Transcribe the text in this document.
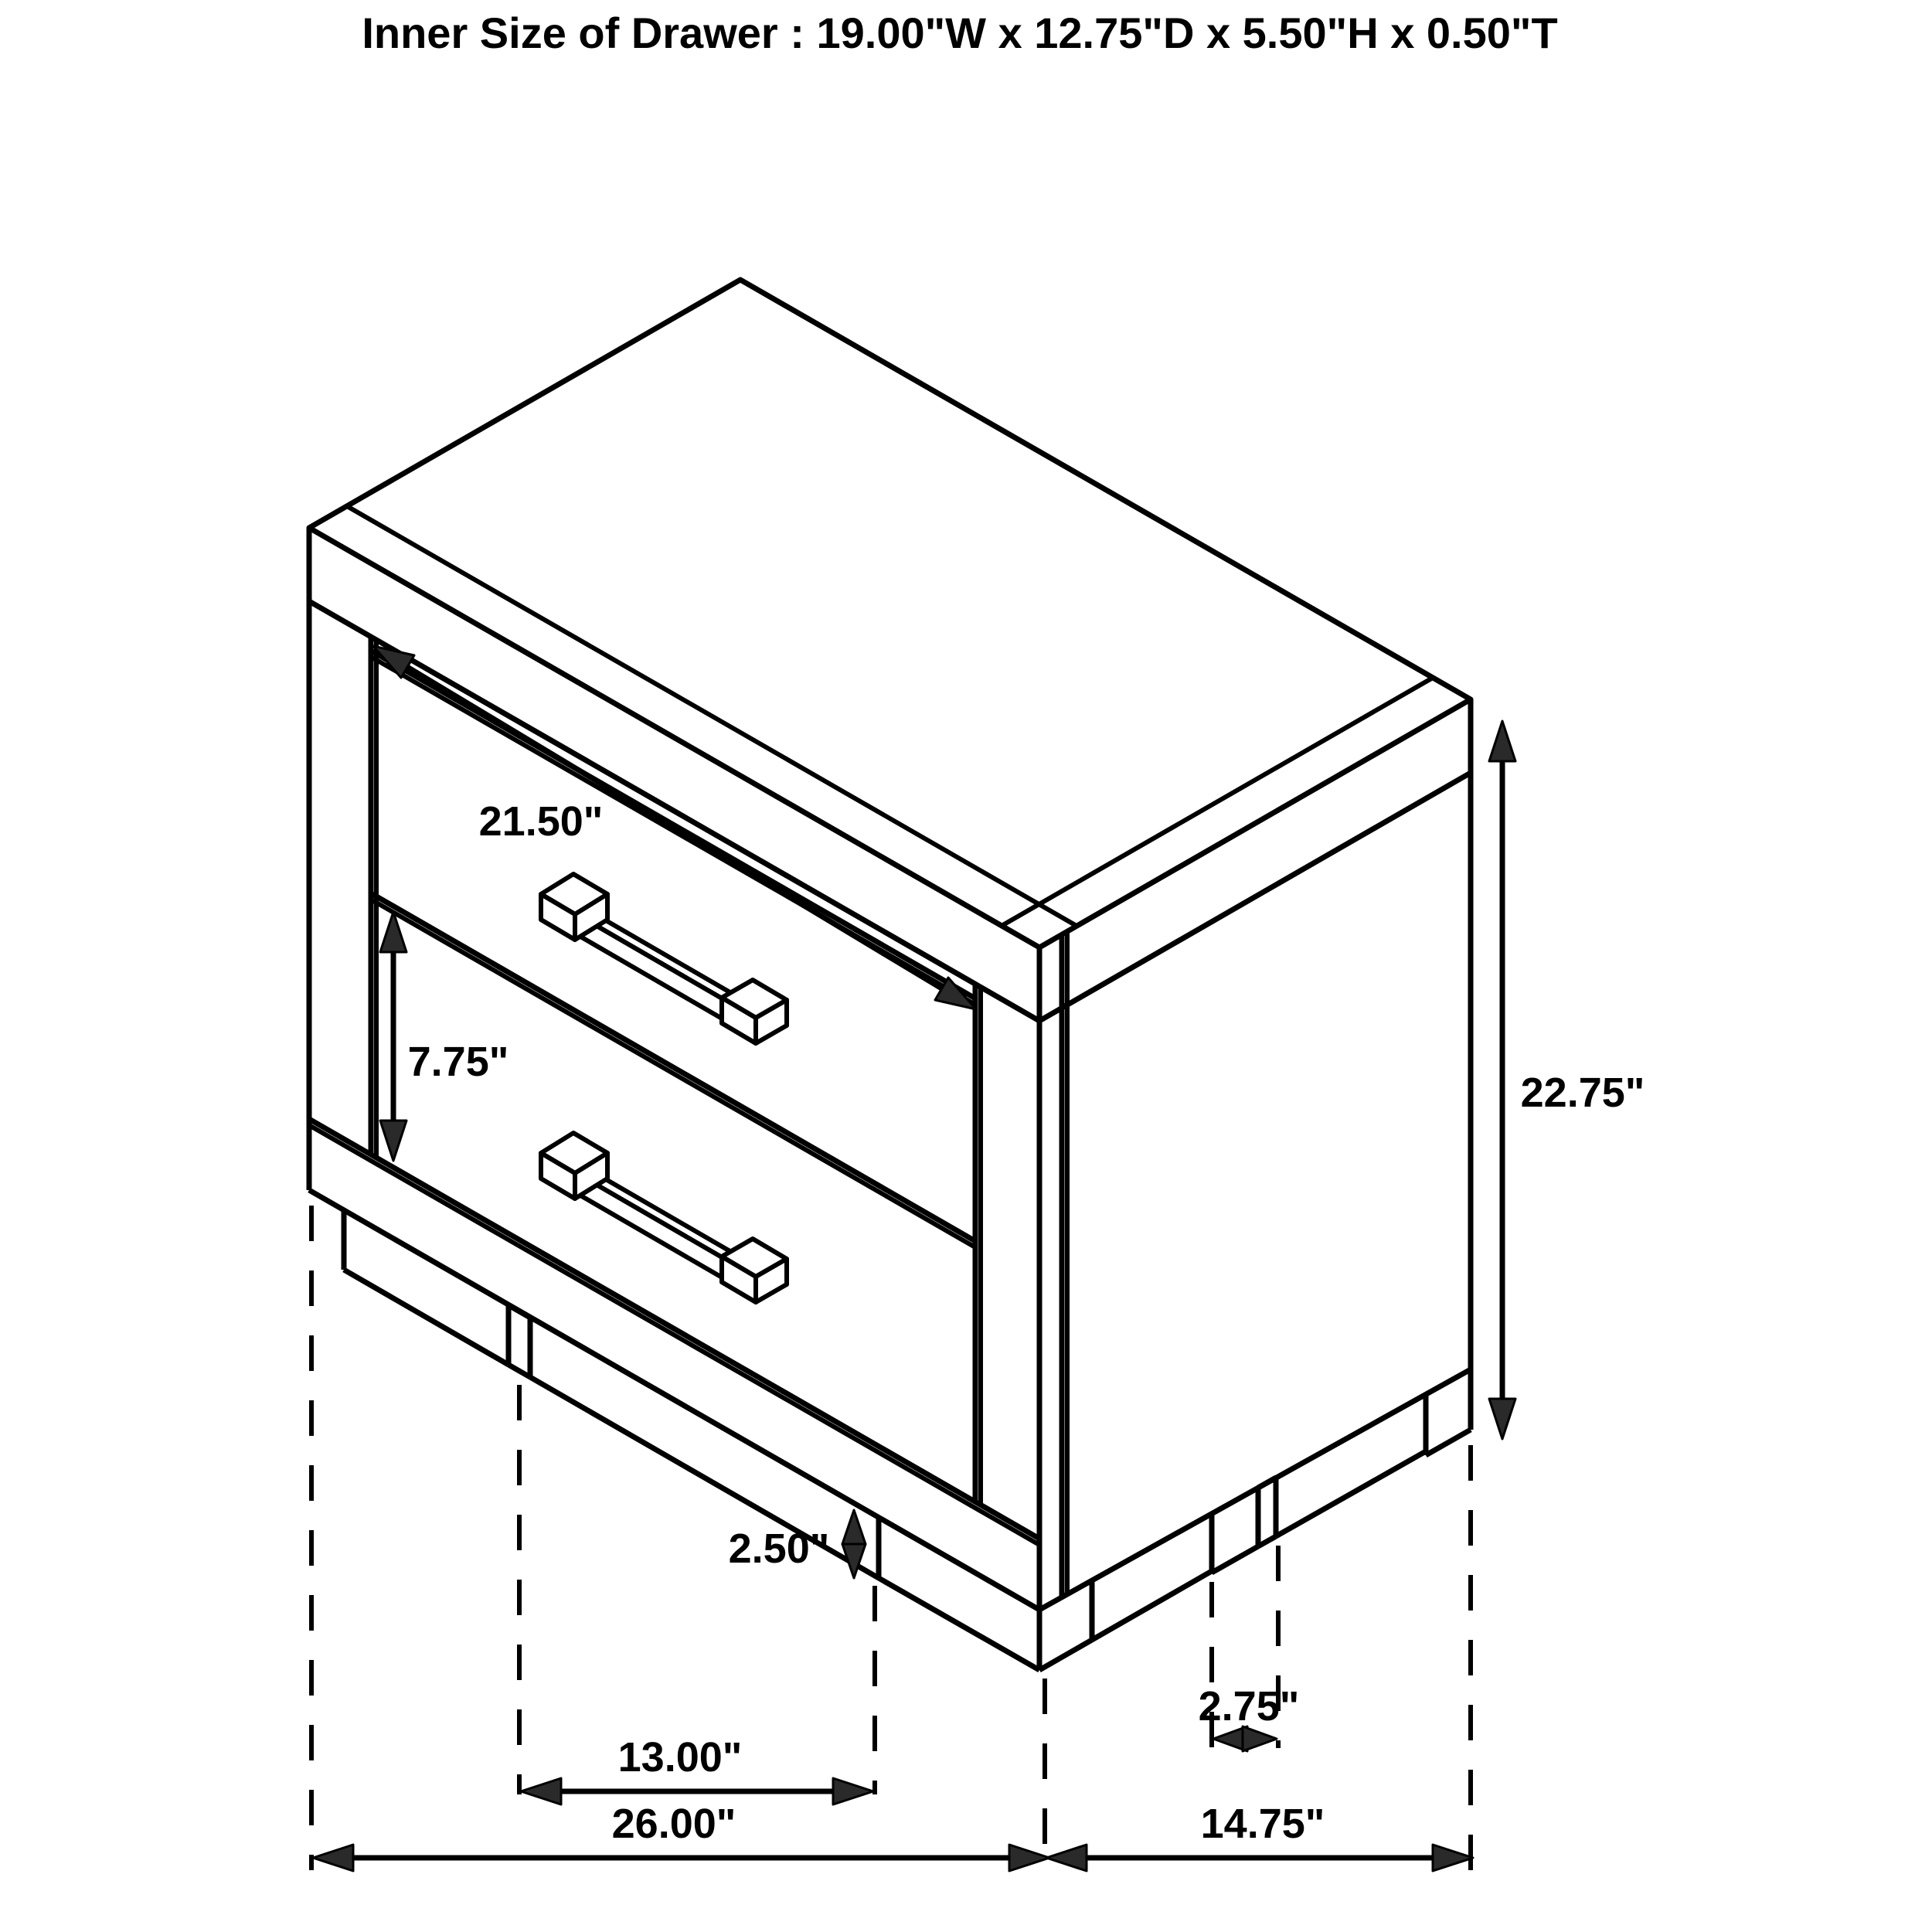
Inner Size of Drawer : 19.00"W x 12.75"D x 5.50"H x 0.50"T
21.50"
7.75"
22.75"
2.50"
13.00"
2.75"
26.00"	14.75"
